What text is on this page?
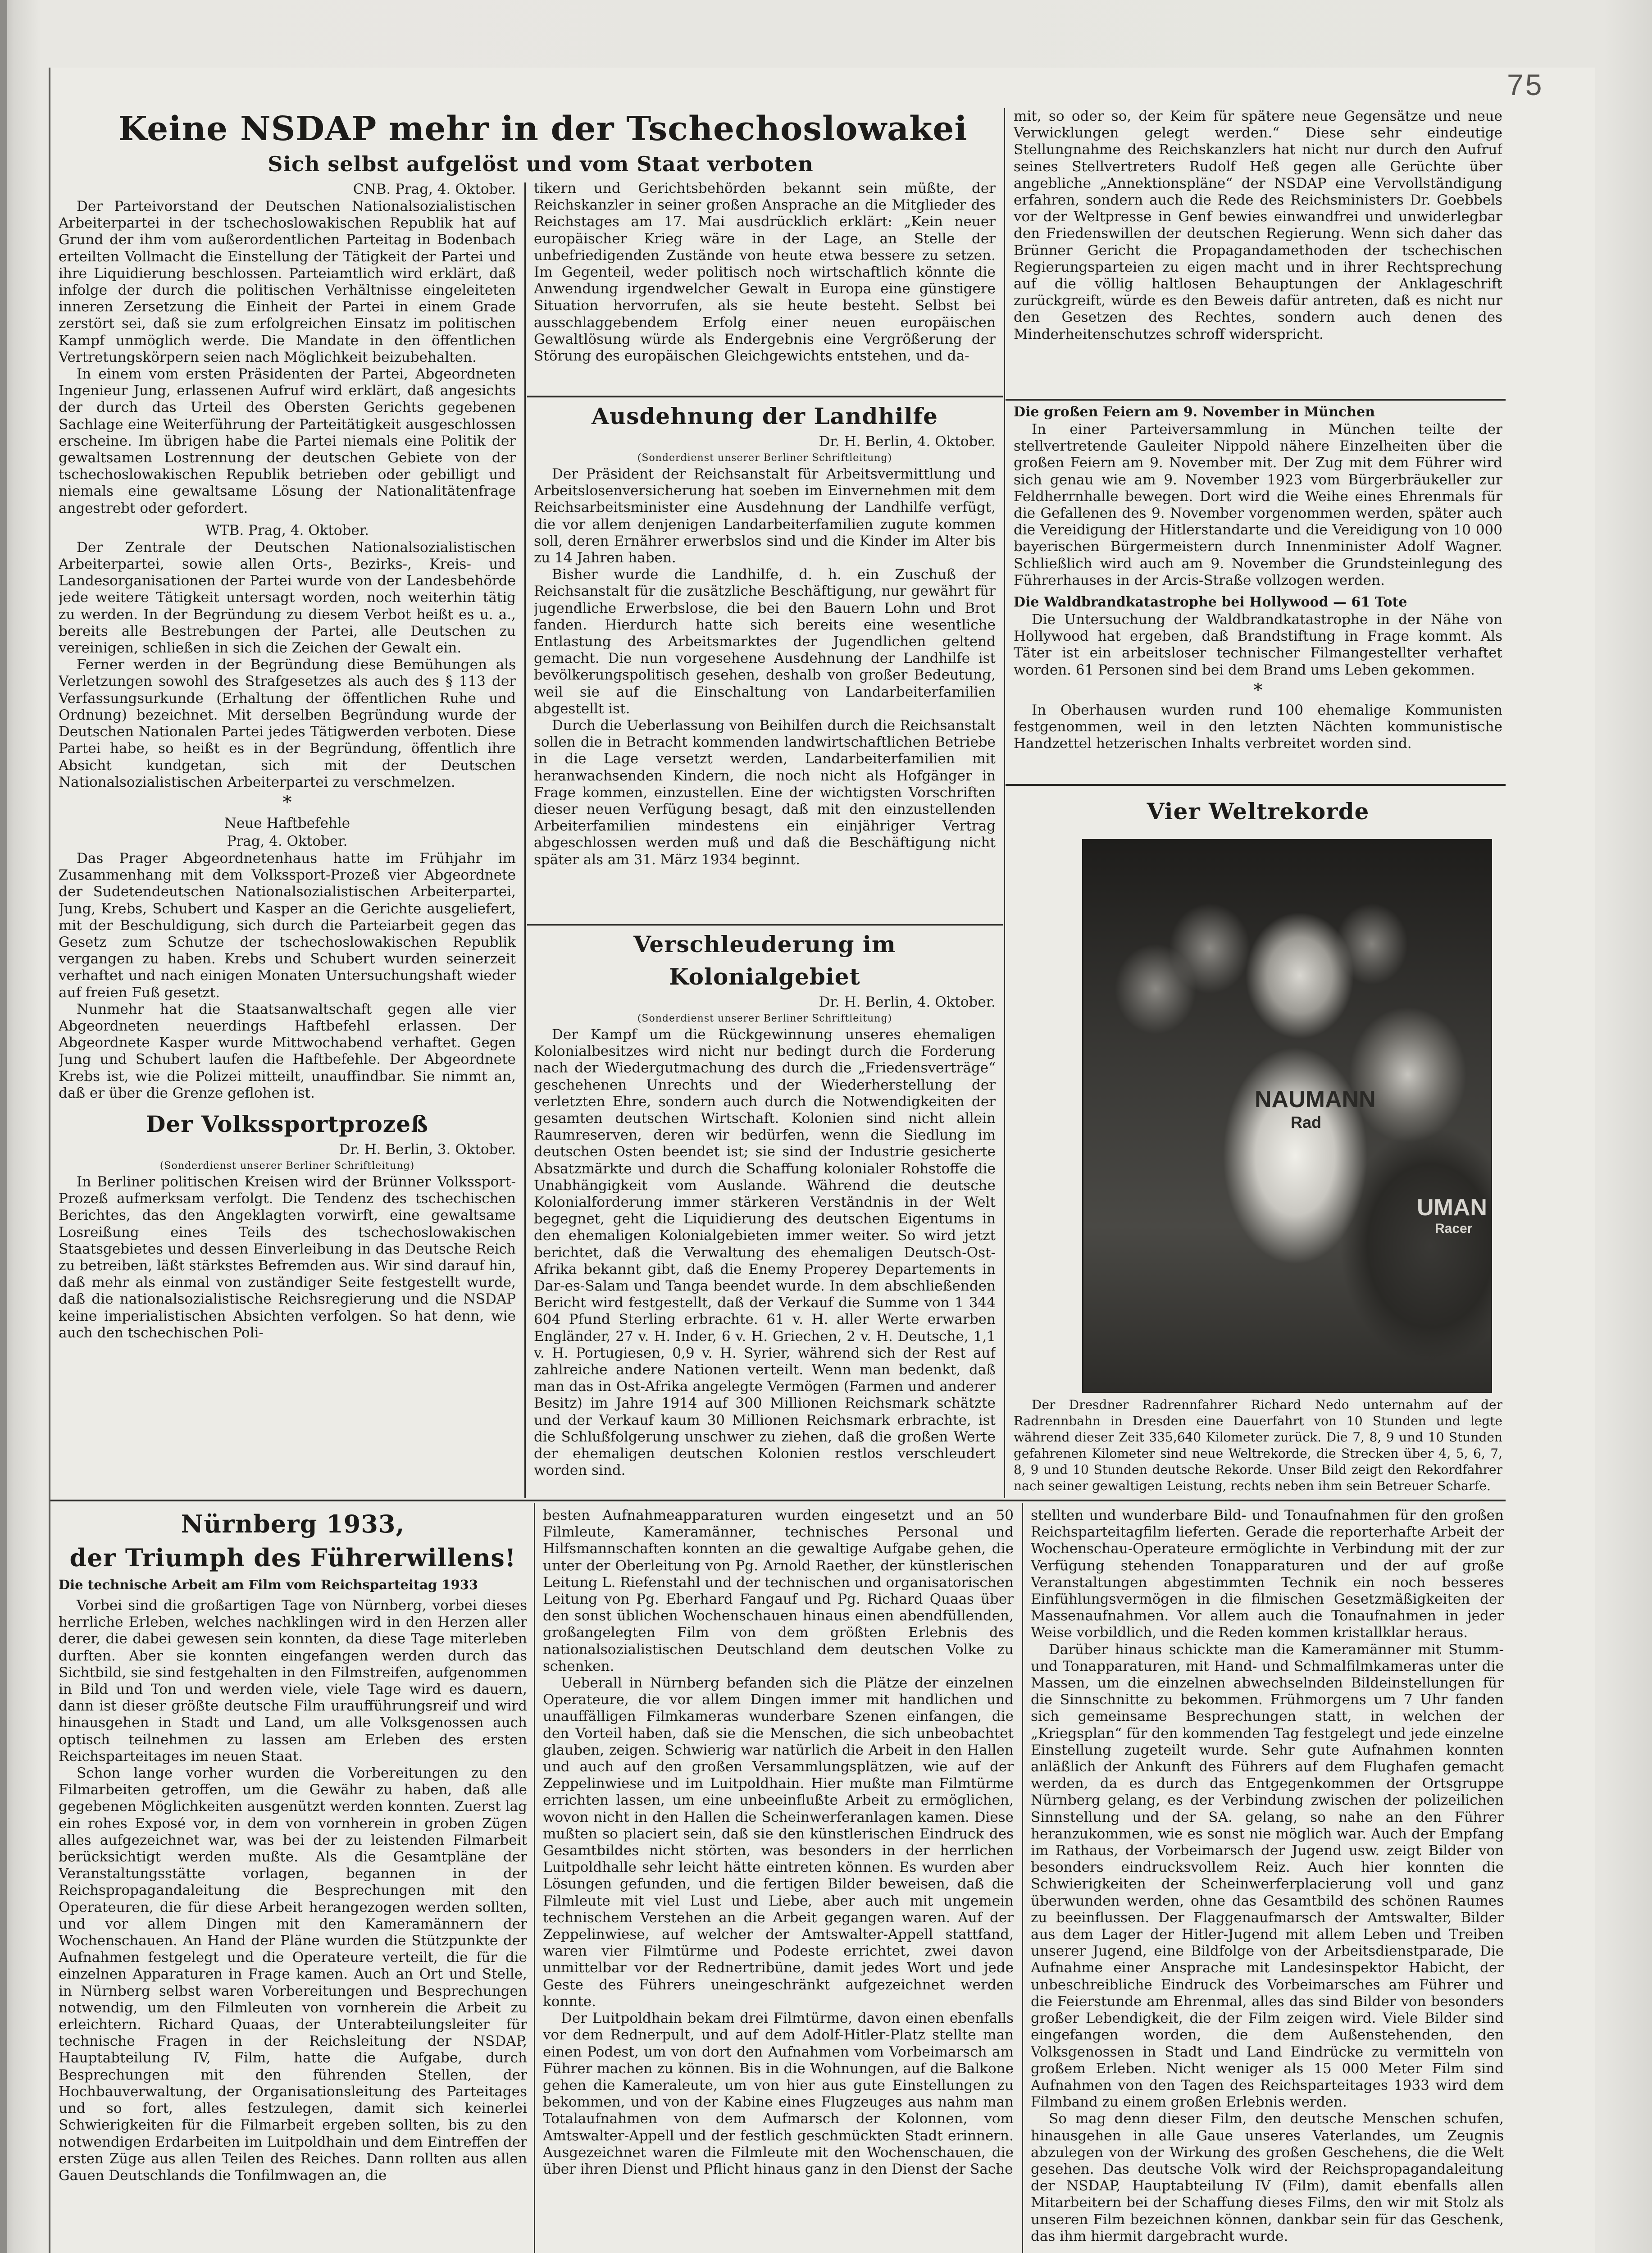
75
Keine NSDAP mehr in der Tschechoslowakei
Sich selbst aufgelöst und vom Staat verboten
CNB. Prag, 4. Oktober.

Der Parteivorstand der Deutschen Nationalsozialistischen Arbeiterpartei in der tschechoslowakischen Republik hat auf Grund der ihm vom außerordentlichen Parteitag in Bodenbach erteilten Vollmacht die Einstellung der Tätigkeit der Partei und ihre Liquidierung beschlossen. Parteiamtlich wird erklärt, daß infolge der durch die politischen Verhältnisse eingeleiteten inneren Zersetzung die Einheit der Partei in einem Grade zerstört sei, daß sie zum erfolgreichen Einsatz im politischen Kampf unmöglich werde. Die Mandate in den öffentlichen Vertretungskörpern seien nach Möglichkeit beizubehalten.

In einem vom ersten Präsidenten der Partei, Abgeordneten Ingenieur Jung, erlassenen Aufruf wird erklärt, daß angesichts der durch das Urteil des Obersten Gerichts gegebenen Sachlage eine Weiterführung der Parteitätigkeit ausgeschlossen erscheine. Im übrigen habe die Partei niemals eine Politik der gewaltsamen Lostrennung der deutschen Gebiete von der tschechoslowakischen Republik betrieben oder gebilligt und niemals eine gewaltsame Lösung der Nationalitätenfrage angestrebt oder gefordert.

WTB. Prag, 4. Oktober.

Der Zentrale der Deutschen Nationalsozialistischen Arbeiterpartei, sowie allen Orts-, Bezirks-, Kreis- und Landesorganisationen der Partei wurde von der Landesbehörde jede weitere Tätigkeit untersagt worden, noch weiterhin tätig zu werden. In der Begründung zu diesem Verbot heißt es u. a., bereits alle Bestrebungen der Partei, alle Deutschen zu vereinigen, schließen in sich die Zeichen der Gewalt ein.

Ferner werden in der Begründung diese Bemühungen als Verletzungen sowohl des Strafgesetzes als auch des § 113 der Verfassungsurkunde (Erhaltung der öffentlichen Ruhe und Ordnung) bezeichnet. Mit derselben Begründung wurde der Deutschen Nationalen Partei jedes Tätigwerden verboten. Diese Partei habe, so heißt es in der Begründung, öffentlich ihre Absicht kundgetan, sich mit der Deutschen Nationalsozialistischen Arbeiterpartei zu verschmelzen.

*
Neue Haftbefehle
Prag, 4. Oktober.

Das Prager Abgeordnetenhaus hatte im Frühjahr im Zusammenhang mit dem Volkssport-Prozeß vier Abgeordnete der Sudetendeutschen Nationalsozialistischen Arbeiterpartei, Jung, Krebs, Schubert und Kasper an die Gerichte ausgeliefert, mit der Beschuldigung, sich durch die Parteiarbeit gegen das Gesetz zum Schutze der tschechoslowakischen Republik vergangen zu haben. Krebs und Schubert wurden seinerzeit verhaftet und nach einigen Monaten Untersuchungshaft wieder auf freien Fuß gesetzt.

Nunmehr hat die Staatsanwaltschaft gegen alle vier Abgeordneten neuerdings Haftbefehl erlassen. Der Abgeordnete Kasper wurde Mittwochabend verhaftet. Gegen Jung und Schubert laufen die Haftbefehle. Der Abgeordnete Krebs ist, wie die Polizei mitteilt, unauffindbar. Sie nimmt an, daß er über die Grenze geflohen ist.

Der Volkssportprozeß
Dr. H. Berlin, 3. Oktober.
(Sonderdienst unserer Berliner Schriftleitung)

In Berliner politischen Kreisen wird der Brünner Volkssport-Prozeß aufmerksam verfolgt. Die Tendenz des tschechischen Berichtes, das den Angeklagten vorwirft, eine gewaltsame Losreißung eines Teils des tschechoslowakischen Staatsgebietes und dessen Einverleibung in das Deutsche Reich zu betreiben, läßt stärkstes Befremden aus. Wir sind darauf hin, daß mehr als einmal von zuständiger Seite festgestellt wurde, daß die nationalsozialistische Reichsregierung und die NSDAP keine imperialistischen Absichten verfolgen. So hat denn, wie auch den tschechischen Poli-

tikern und Gerichtsbehörden bekannt sein müßte, der Reichskanzler in seiner großen Ansprache an die Mitglieder des Reichstages am 17. Mai ausdrücklich erklärt: „Kein neuer europäischer Krieg wäre in der Lage, an Stelle der unbefriedigenden Zustände von heute etwa bessere zu setzen. Im Gegenteil, weder politisch noch wirtschaftlich könnte die Anwendung irgendwelcher Gewalt in Europa eine günstigere Situation hervorrufen, als sie heute besteht. Selbst bei ausschlaggebendem Erfolg einer neuen europäischen Gewaltlösung würde als Endergebnis eine Vergrößerung der Störung des europäischen Gleichgewichts entstehen, und da-

Ausdehnung der Landhilfe
Dr. H. Berlin, 4. Oktober.
(Sonderdienst unserer Berliner Schriftleitung)

Der Präsident der Reichsanstalt für Arbeitsvermittlung und Arbeitslosenversicherung hat soeben im Einvernehmen mit dem Reichsarbeitsminister eine Ausdehnung der Landhilfe verfügt, die vor allem denjenigen Landarbeiterfamilien zugute kommen soll, deren Ernährer erwerbslos sind und die Kinder im Alter bis zu 14 Jahren haben.

Bisher wurde die Landhilfe, d. h. ein Zuschuß der Reichsanstalt für die zusätzliche Beschäftigung, nur gewährt für jugendliche Erwerbslose, die bei den Bauern Lohn und Brot fanden. Hierdurch hatte sich bereits eine wesentliche Entlastung des Arbeitsmarktes der Jugendlichen geltend gemacht. Die nun vorgesehene Ausdehnung der Landhilfe ist bevölkerungspolitisch gesehen, deshalb von großer Bedeutung, weil sie auf die Einschaltung von Landarbeiterfamilien abgestellt ist.

Durch die Ueberlassung von Beihilfen durch die Reichsanstalt sollen die in Betracht kommenden landwirtschaftlichen Betriebe in die Lage versetzt werden, Landarbeiterfamilien mit heranwachsenden Kindern, die noch nicht als Hofgänger in Frage kommen, einzustellen. Eine der wichtigsten Vorschriften dieser neuen Verfügung besagt, daß mit den einzustellenden Arbeiterfamilien mindestens ein einjähriger Vertrag abgeschlossen werden muß und daß die Beschäftigung nicht später als am 31. März 1934 beginnt.

Verschleuderung im Kolonialgebiet
Dr. H. Berlin, 4. Oktober.
(Sonderdienst unserer Berliner Schriftleitung)

Der Kampf um die Rückgewinnung unseres ehemaligen Kolonialbesitzes wird nicht nur bedingt durch die Forderung nach der Wiedergutmachung des durch die „Friedensverträge“ geschehenen Unrechts und der Wiederherstellung der verletzten Ehre, sondern auch durch die Notwendigkeiten der gesamten deutschen Wirtschaft. Kolonien sind nicht allein Raumreserven, deren wir bedürfen, wenn die Siedlung im deutschen Osten beendet ist; sie sind der Industrie gesicherte Absatzmärkte und durch die Schaffung kolonialer Rohstoffe die Unabhängigkeit vom Auslande. Während die deutsche Kolonialforderung immer stärkeren Verständnis in der Welt begegnet, geht die Liquidierung des deutschen Eigentums in den ehemaligen Kolonialgebieten immer weiter. So wird jetzt berichtet, daß die Verwaltung des ehemaligen Deutsch-Ost-Afrika bekannt gibt, daß die Enemy Properey Departements in Dar-es-Salam und Tanga beendet wurde. In dem abschließenden Bericht wird festgestellt, daß der Verkauf die Summe von 1 344 604 Pfund Sterling erbrachte. 61 v. H. aller Werte erwarben Engländer, 27 v. H. Inder, 6 v. H. Griechen, 2 v. H. Deutsche, 1,1 v. H. Portugiesen, 0,9 v. H. Syrier, während sich der Rest auf zahlreiche andere Nationen verteilt. Wenn man bedenkt, daß man das in Ost-Afrika angelegte Vermögen (Farmen und anderer Besitz) im Jahre 1914 auf 300 Millionen Reichsmark schätzte und der Verkauf kaum 30 Millionen Reichsmark erbrachte, ist die Schlußfolgerung unschwer zu ziehen, daß die großen Werte der ehemaligen deutschen Kolonien restlos verschleudert worden sind.

mit, so oder so, der Keim für spätere neue Gegensätze und neue Verwicklungen gelegt werden.“ Diese sehr eindeutige Stellungnahme des Reichskanzlers hat nicht nur durch den Aufruf seines Stellvertreters Rudolf Heß gegen alle Gerüchte über angebliche „Annektionspläne“ der NSDAP eine Vervollständigung erfahren, sondern auch die Rede des Reichsministers Dr. Goebbels vor der Weltpresse in Genf bewies einwandfrei und unwiderlegbar den Friedenswillen der deutschen Regierung. Wenn sich daher das Brünner Gericht die Propagandamethoden der tschechischen Regierungsparteien zu eigen macht und in ihrer Rechtsprechung auf die völlig haltlosen Behauptungen der Anklageschrift zurückgreift, würde es den Beweis dafür antreten, daß es nicht nur den Gesetzen des Rechtes, sondern auch denen des Minderheitenschutzes schroff widerspricht.

Die großen Feiern am 9. November in München

In einer Parteiversammlung in München teilte der stellvertretende Gauleiter Nippold nähere Einzelheiten über die großen Feiern am 9. November mit. Der Zug mit dem Führer wird sich genau wie am 9. November 1923 vom Bürgerbräukeller zur Feldherrnhalle bewegen. Dort wird die Weihe eines Ehrenmals für die Gefallenen des 9. November vorgenommen werden, später auch die Vereidigung der Hitlerstandarte und die Vereidigung von 10 000 bayerischen Bürgermeistern durch Innenminister Adolf Wagner. Schließlich wird auch am 9. November die Grundsteinlegung des Führerhauses in der Arcis-Straße vollzogen werden.

Die Waldbrandkatastrophe bei Hollywood — 61 Tote

Die Untersuchung der Waldbrandkatastrophe in der Nähe von Hollywood hat ergeben, daß Brandstiftung in Frage kommt. Als Täter ist ein arbeitsloser technischer Filmangestellter verhaftet worden. 61 Personen sind bei dem Brand ums Leben gekommen.

*

In Oberhausen wurden rund 100 ehemalige Kommunisten festgenommen, weil in den letzten Nächten kommunistische Handzettel hetzerischen Inhalts verbreitet worden sind.

Vier Weltrekorde
NAUMANN
Rad
UMAN
Racer

Der Dresdner Radrennfahrer Richard Nedo unternahm auf der Radrennbahn in Dresden eine Dauerfahrt von 10 Stunden und legte während dieser Zeit 335,640 Kilometer zurück. Die 7, 8, 9 und 10 Stunden gefahrenen Kilometer sind neue Weltrekorde, die Strecken über 4, 5, 6, 7, 8, 9 und 10 Stunden deutsche Rekorde. Unser Bild zeigt den Rekordfahrer nach seiner gewaltigen Leistung, rechts neben ihm sein Betreuer Scharfe.

Nürnberg 1933,
der Triumph des Führerwillens!
Die technische Arbeit am Film vom Reichsparteitag 1933

Vorbei sind die großartigen Tage von Nürnberg, vorbei dieses herrliche Erleben, welches nachklingen wird in den Herzen aller derer, die dabei gewesen sein konnten, da diese Tage miterleben durften. Aber sie konnten eingefangen werden durch das Sichtbild, sie sind festgehalten in den Filmstreifen, aufgenommen in Bild und Ton und werden viele, viele Tage wird es dauern, dann ist dieser größte deutsche Film uraufführungsreif und wird hinausgehen in Stadt und Land, um alle Volksgenossen auch optisch teilnehmen zu lassen am Erleben des ersten Reichsparteitages im neuen Staat.

Schon lange vorher wurden die Vorbereitungen zu den Filmarbeiten getroffen, um die Gewähr zu haben, daß alle gegebenen Möglichkeiten ausgenützt werden konnten. Zuerst lag ein rohes Exposé vor, in dem von vornherein in groben Zügen alles aufgezeichnet war, was bei der zu leistenden Filmarbeit berücksichtigt werden mußte. Als die Gesamtpläne der Veranstaltungsstätte vorlagen, begannen in der Reichspropagandaleitung die Besprechungen mit den Operateuren, die für diese Arbeit herangezogen werden sollten, und vor allem Dingen mit den Kameramännern der Wochenschauen. An Hand der Pläne wurden die Stützpunkte der Aufnahmen festgelegt und die Operateure verteilt, die für die einzelnen Apparaturen in Frage kamen. Auch an Ort und Stelle, in Nürnberg selbst waren Vorbereitungen und Besprechungen notwendig, um den Filmleuten von vornherein die Arbeit zu erleichtern. Richard Quaas, der Unterabteilungsleiter für technische Fragen in der Reichsleitung der NSDAP, Hauptabteilung IV, Film, hatte die Aufgabe, durch Besprechungen mit den führenden Stellen, der Hochbauverwaltung, der Organisationsleitung des Parteitages und so fort, alles festzulegen, damit sich keinerlei Schwierigkeiten für die Filmarbeit ergeben sollten, bis zu den notwendigen Erdarbeiten im Luitpoldhain und dem Eintreffen der ersten Züge aus allen Teilen des Reiches. Dann rollten aus allen Gauen Deutschlands die Tonfilmwagen an, die

besten Aufnahmeapparaturen wurden eingesetzt und an 50 Filmleute, Kameramänner, technisches Personal und Hilfsmannschaften konnten an die gewaltige Aufgabe gehen, die unter der Oberleitung von Pg. Arnold Raether, der künstlerischen Leitung L. Riefenstahl und der technischen und organisatorischen Leitung von Pg. Eberhard Fangauf und Pg. Richard Quaas über den sonst üblichen Wochenschauen hinaus einen abendfüllenden, großangelegten Film von dem größten Erlebnis des nationalsozialistischen Deutschland dem deutschen Volke zu schenken.

Ueberall in Nürnberg befanden sich die Plätze der einzelnen Operateure, die vor allem Dingen immer mit handlichen und unauffälligen Filmkameras wunderbare Szenen einfangen, die den Vorteil haben, daß sie die Menschen, die sich unbeobachtet glauben, zeigen. Schwierig war natürlich die Arbeit in den Hallen und auch auf den großen Versammlungsplätzen, wie auf der Zeppelinwiese und im Luitpoldhain. Hier mußte man Filmtürme errichten lassen, um eine unbeeinflußte Arbeit zu ermöglichen, wovon nicht in den Hallen die Scheinwerferanlagen kamen. Diese mußten so placiert sein, daß sie den künstlerischen Eindruck des Gesamtbildes nicht störten, was besonders in der herrlichen Luitpoldhalle sehr leicht hätte eintreten können. Es wurden aber Lösungen gefunden, und die fertigen Bilder beweisen, daß die Filmleute mit viel Lust und Liebe, aber auch mit ungemein technischem Verstehen an die Arbeit gegangen waren. Auf der Zeppelinwiese, auf welcher der Amtswalter-Appell stattfand, waren vier Filmtürme und Podeste errichtet, zwei davon unmittelbar vor der Rednertribüne, damit jedes Wort und jede Geste des Führers uneingeschränkt aufgezeichnet werden konnte.

Der Luitpoldhain bekam drei Filmtürme, davon einen ebenfalls vor dem Rednerpult, und auf dem Adolf-Hitler-Platz stellte man einen Podest, um von dort den Aufnahmen vom Vorbeimarsch am Führer machen zu können. Bis in die Wohnungen, auf die Balkone gehen die Kameraleute, um von hier aus gute Einstellungen zu bekommen, und von der Kabine eines Flugzeuges aus nahm man Totalaufnahmen von dem Aufmarsch der Kolonnen, vom Amtswalter-Appell und der festlich geschmückten Stadt erinnern. Ausgezeichnet waren die Filmleute mit den Wochenschauen, die über ihren Dienst und Pflicht hinaus ganz in den Dienst der Sache

stellten und wunderbare Bild- und Tonaufnahmen für den großen Reichsparteitagfilm lieferten. Gerade die reporterhafte Arbeit der Wochenschau-Operateure ermöglichte in Verbindung mit der zur Verfügung stehenden Tonapparaturen und der auf große Veranstaltungen abgestimmten Technik ein noch besseres Einfühlungsvermögen in die filmischen Gesetzmäßigkeiten der Massenaufnahmen. Vor allem auch die Tonaufnahmen in jeder Weise vorbildlich, und die Reden kommen kristallklar heraus.

Darüber hinaus schickte man die Kameramänner mit Stumm- und Tonapparaturen, mit Hand- und Schmalfilmkameras unter die Massen, um die einzelnen abwechselnden Bildeinstellungen für die Sinnschnitte zu bekommen. Frühmorgens um 7 Uhr fanden sich gemeinsame Besprechungen statt, in welchen der „Kriegsplan“ für den kommenden Tag festgelegt und jede einzelne Einstellung zugeteilt wurde. Sehr gute Aufnahmen konnten anläßlich der Ankunft des Führers auf dem Flughafen gemacht werden, da es durch das Entgegenkommen der Ortsgruppe Nürnberg gelang, es der Verbindung zwischen der polizeilichen Sinnstellung und der SA. gelang, so nahe an den Führer heranzukommen, wie es sonst nie möglich war. Auch der Empfang im Rathaus, der Vorbeimarsch der Jugend usw. zeigt Bilder von besonders eindrucksvollem Reiz. Auch hier konnten die Schwierigkeiten der Scheinwerferplacierung voll und ganz überwunden werden, ohne das Gesamtbild des schönen Raumes zu beeinflussen. Der Flaggenaufmarsch der Amtswalter, Bilder aus dem Lager der Hitler-Jugend mit allem Leben und Treiben unserer Jugend, eine Bildfolge von der Arbeitsdienstparade, Die Aufnahme einer Ansprache mit Landesinspektor Habicht, der unbeschreibliche Eindruck des Vorbeimarsches am Führer und die Feierstunde am Ehrenmal, alles das sind Bilder von besonders großer Lebendigkeit, die der Film zeigen wird. Viele Bilder sind eingefangen worden, die dem Außenstehenden, den Volksgenossen in Stadt und Land Eindrücke zu vermitteln von großem Erleben. Nicht weniger als 15 000 Meter Film sind Aufnahmen von den Tagen des Reichsparteitages 1933 wird dem Filmband zu einem großen Erlebnis werden.

So mag denn dieser Film, den deutsche Menschen schufen, hinausgehen in alle Gaue unseres Vaterlandes, um Zeugnis abzulegen von der Wirkung des großen Geschehens, die die Welt gesehen. Das deutsche Volk wird der Reichspropagandaleitung der NSDAP, Hauptabteilung IV (Film), damit ebenfalls allen Mitarbeitern bei der Schaffung dieses Films, den wir mit Stolz als unseren Film bezeichnen können, dankbar sein für das Geschenk, das ihm hiermit dargebracht wurde.
